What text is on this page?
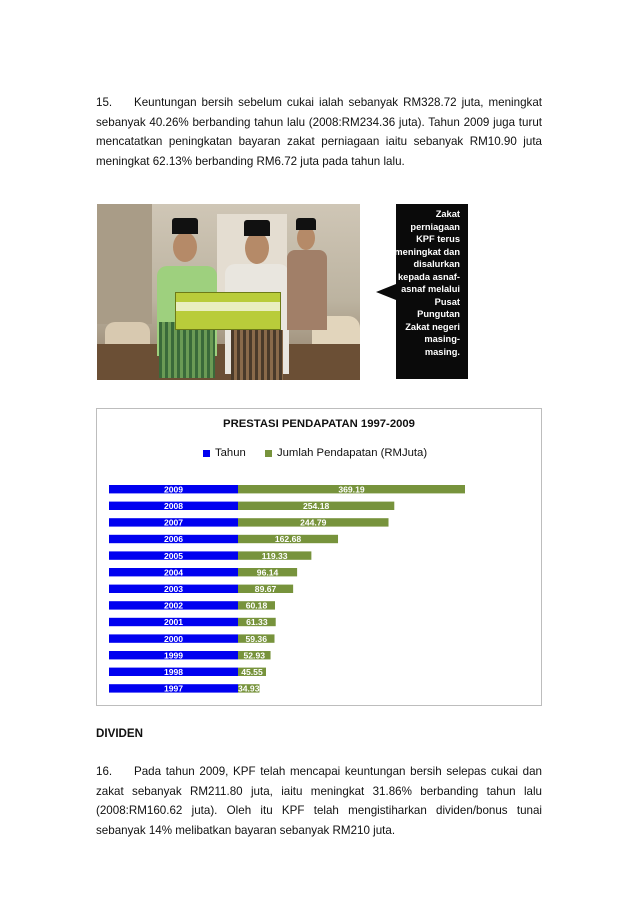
15. Keuntungan bersih sebelum cukai ialah sebanyak RM328.72 juta, meningkat sebanyak 40.26% berbanding tahun lalu (2008:RM234.36 juta). Tahun 2009 juga turut mencatatkan peningkatan bayaran zakat perniagaan iaitu sebanyak RM10.90 juta meningkat 62.13% berbanding RM6.72 juta pada tahun lalu.
Zakat
perniagaan
KPF terus
meningkat dan
disalurkan
kepada asnaf-
asnaf melalui
Pusat
Pungutan
Zakat negeri
masing-
masing.
PRESTASI PENDAPATAN 1997-2009
Tahun	Jumlah Pendapatan (RMJuta)
2009	369.19
2008	254.18
2007	244.79
2006	162.68
2005	119.33
2004	96.14
2003	89.67
2002	60.18
2001	61.33
2000	59.36
1999	52.93
1998	45.55
1997	34.93
DIVIDEN
16. Pada tahun 2009, KPF telah mencapai keuntungan bersih selepas cukai dan zakat sebanyak RM211.80 juta, iaitu meningkat 31.86% berbanding tahun lalu (2008:RM160.62 juta). Oleh itu KPF telah mengistiharkan dividen/bonus tunai sebanyak 14% melibatkan bayaran sebanyak RM210 juta.
